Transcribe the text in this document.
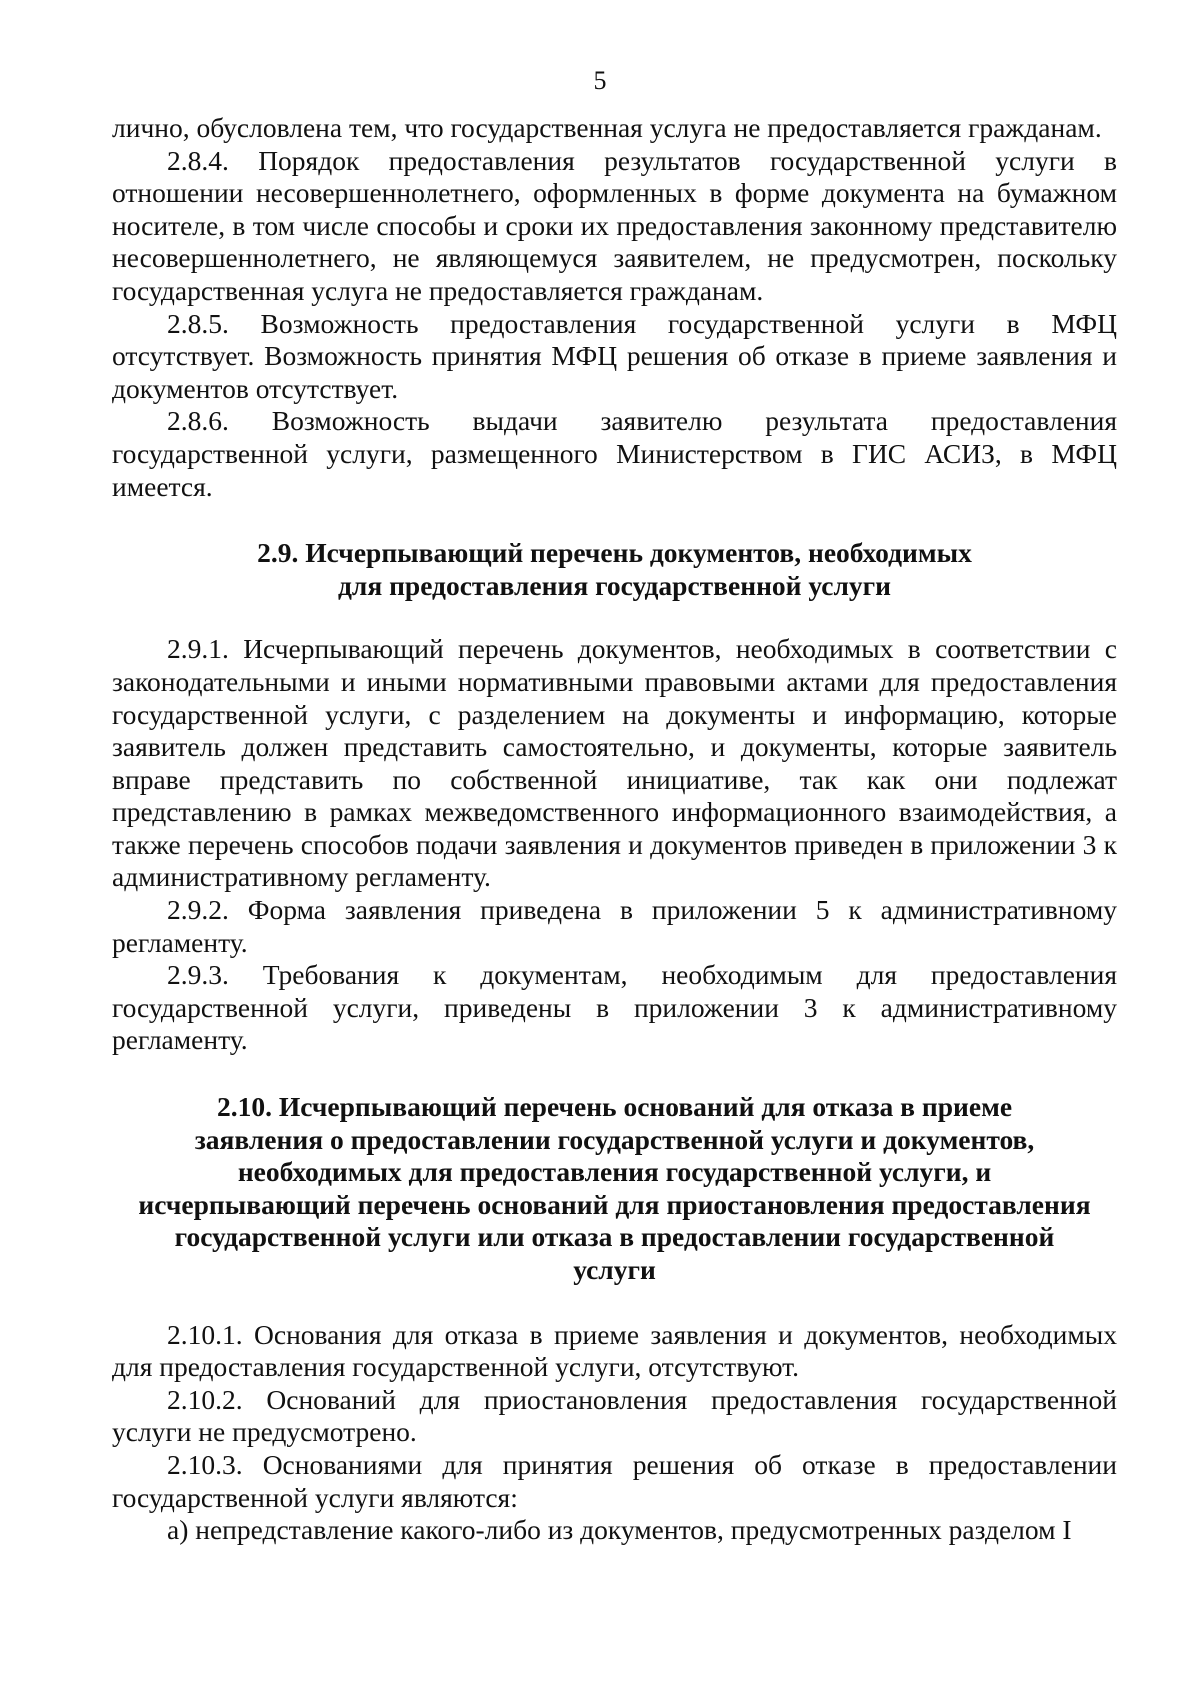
5

лично, обусловлена тем, что государственная услуга не предоставляется гражданам.

2.8.4. Порядок предоставления результатов государственной услуги в отношении несовершеннолетнего, оформленных в форме документа на бумажном носителе, в том числе способы и сроки их предоставления законному представителю несовершеннолетнего, не являющемуся заявителем, не предусмотрен, поскольку государственная услуга не предоставляется гражданам.

2.8.5. Возможность предоставления государственной услуги в МФЦ отсутствует. Возможность принятия МФЦ решения об отказе в приеме заявления и документов отсутствует.

2.8.6. Возможность выдачи заявителю результата предоставления государственной услуги, размещенного Министерством в ГИС АСИЗ, в МФЦ имеется.

2.9. Исчерпывающий перечень документов, необходимых
для предоставления государственной услуги

2.9.1. Исчерпывающий перечень документов, необходимых в соответствии с законодательными и иными нормативными правовыми актами для предоставления государственной услуги, с разделением на документы и информацию, которые заявитель должен представить самостоятельно, и документы, которые заявитель вправе представить по собственной инициативе, так как они подлежат представлению в рамках межведомственного информационного взаимодействия, а также перечень способов подачи заявления и документов приведен в приложении 3 к административному регламенту.

2.9.2. Форма заявления приведена в приложении 5 к административному регламенту.

2.9.3. Требования к документам, необходимым для предоставления государственной услуги, приведены в приложении 3 к административному регламенту.

2.10. Исчерпывающий перечень оснований для отказа в приеме
заявления о предоставлении государственной услуги и документов,
необходимых для предоставления государственной услуги, и
исчерпывающий перечень оснований для приостановления предоставления
государственной услуги или отказа в предоставлении государственной
услуги

2.10.1. Основания для отказа в приеме заявления и документов, необходимых для предоставления государственной услуги, отсутствуют.

2.10.2. Оснований для приостановления предоставления государственной услуги не предусмотрено.

2.10.3. Основаниями для принятия решения об отказе в предоставлении государственной услуги являются:

а) непредставление какого-либо из документов, предусмотренных разделом I
